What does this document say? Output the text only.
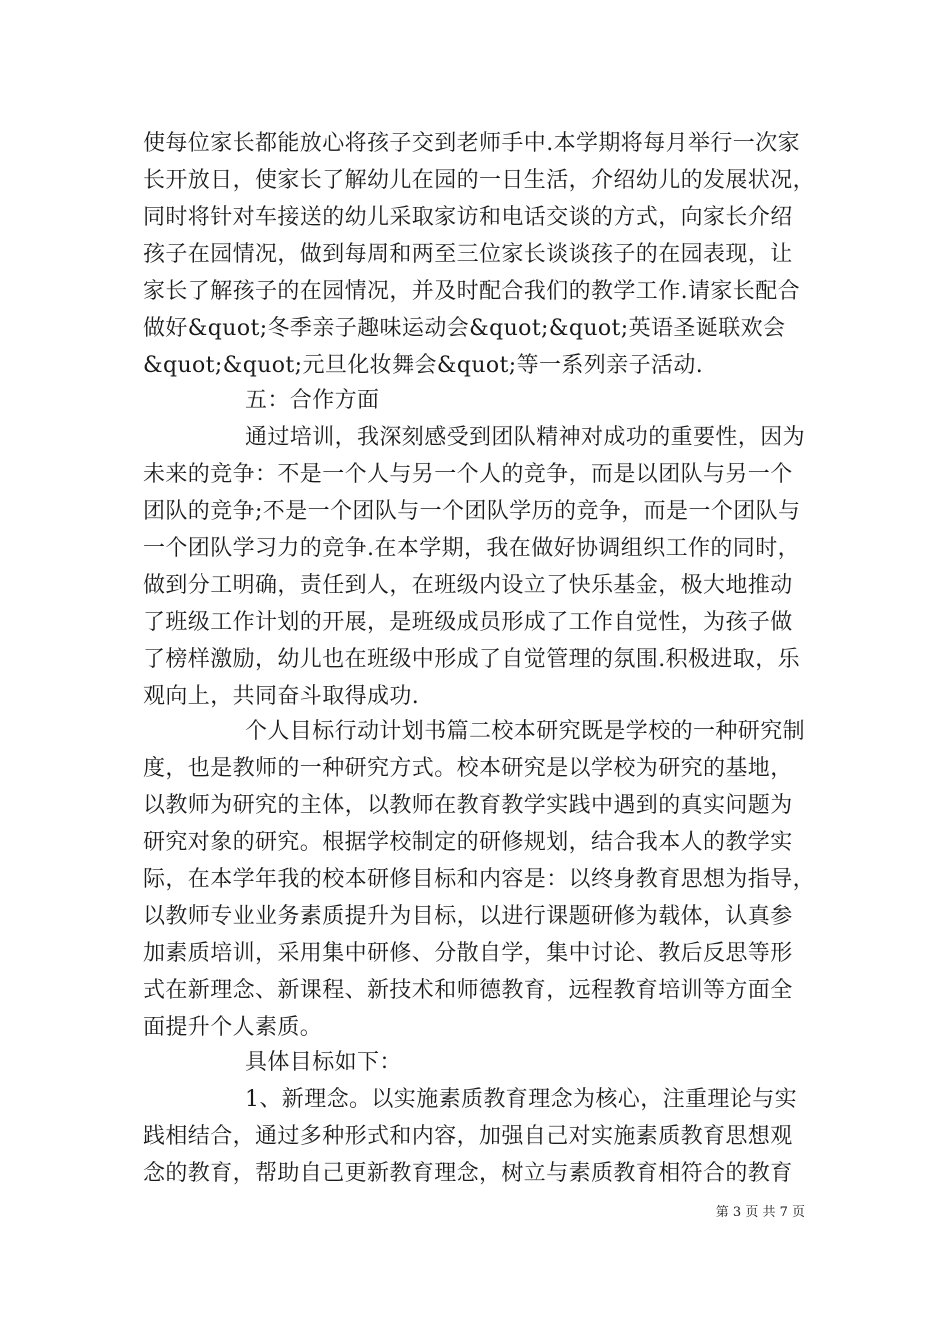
使每位家长都能放心将孩子交到老师手中.本学期将每月举行一次家
长开放日，使家长了解幼儿在园的一日生活，介绍幼儿的发展状况，
同时将针对车接送的幼儿采取家访和电话交谈的方式，向家长介绍
孩子在园情况，做到每周和两至三位家长谈谈孩子的在园表现，让
家长了解孩子的在园情况，并及时配合我们的教学工作.请家长配合
做好&quot;冬季亲子趣味运动会&quot;&quot;英语圣诞联欢会
&quot;&quot;元旦化妆舞会&quot;等一系列亲子活动.
五：合作方面
通过培训，我深刻感受到团队精神对成功的重要性，因为
未来的竞争：不是一个人与另一个人的竞争，而是以团队与另一个
团队的竞争;不是一个团队与一个团队学历的竞争，而是一个团队与
一个团队学习力的竞争.在本学期，我在做好协调组织工作的同时，
做到分工明确，责任到人，在班级内设立了快乐基金，极大地推动
了班级工作计划的开展，是班级成员形成了工作自觉性，为孩子做
了榜样激励，幼儿也在班级中形成了自觉管理的氛围.积极进取，乐
观向上，共同奋斗取得成功.
个人目标行动计划书篇二校本研究既是学校的一种研究制
度，也是教师的一种研究方式。校本研究是以学校为研究的基地，
以教师为研究的主体，以教师在教育教学实践中遇到的真实问题为
研究对象的研究。根据学校制定的研修规划，结合我本人的教学实
际，在本学年我的校本研修目标和内容是：以终身教育思想为指导，
以教师专业业务素质提升为目标，以进行课题研修为载体，认真参
加素质培训，采用集中研修、分散自学，集中讨论、教后反思等形
式在新理念、新课程、新技术和师德教育，远程教育培训等方面全
面提升个人素质。
具体目标如下：
1、新理念。以实施素质教育理念为核心，注重理论与实
践相结合，通过多种形式和内容，加强自己对实施素质教育思想观
念的教育，帮助自己更新教育理念，树立与素质教育相符合的教育
第 3 页 共 7 页
